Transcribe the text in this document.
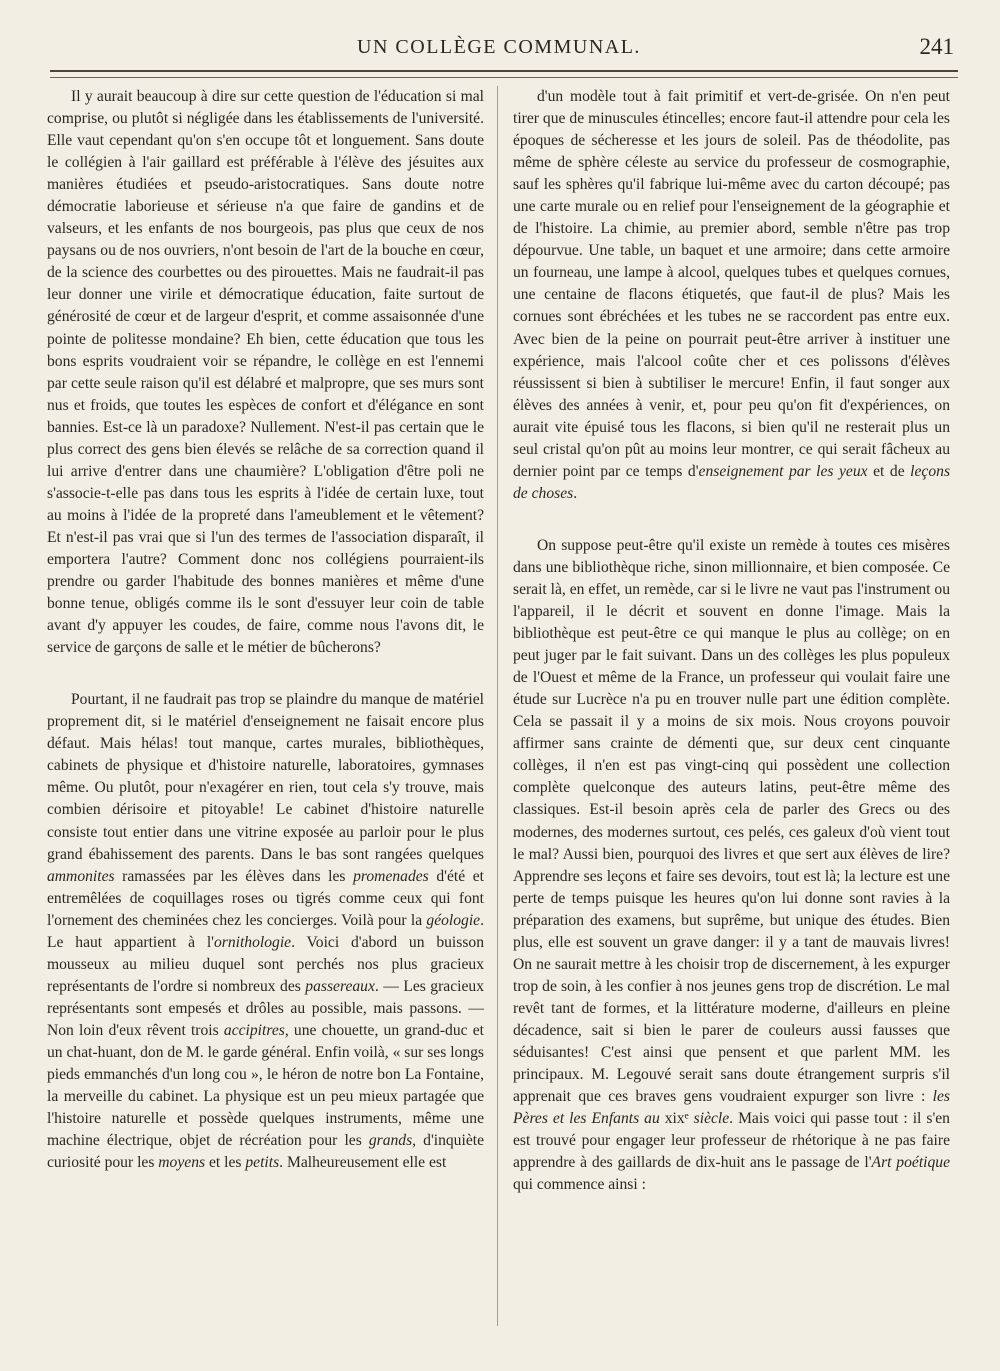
UN COLLÈGE COMMUNAL.	241

Il y aurait beaucoup à dire sur cette question de l'éducation si mal comprise, ou plutôt si négligée dans les établissements de l'université. Elle vaut cependant qu'on s'en occupe tôt et longuement. Sans doute le collégien à l'air gaillard est préférable à l'élève des jésuites aux manières étudiées et pseudo-aristocratiques. Sans doute notre démocratie laborieuse et sérieuse n'a que faire de gandins et de valseurs, et les enfants de nos bourgeois, pas plus que ceux de nos paysans ou de nos ouvriers, n'ont besoin de l'art de la bouche en cœur, de la science des courbettes ou des pirouettes. Mais ne faudrait-il pas leur donner une virile et démocratique éducation, faite surtout de générosité de cœur et de largeur d'esprit, et comme assaisonnée d'une pointe de politesse mondaine? Eh bien, cette éducation que tous les bons esprits voudraient voir se répandre, le collège en est l'ennemi par cette seule raison qu'il est délabré et malpropre, que ses murs sont nus et froids, que toutes les espèces de confort et d'élégance en sont bannies. Est-ce là un paradoxe? Nullement. N'est-il pas certain que le plus correct des gens bien élevés se relâche de sa correction quand il lui arrive d'entrer dans une chaumière? L'obligation d'être poli ne s'associe-t-elle pas dans tous les esprits à l'idée de certain luxe, tout au moins à l'idée de la propreté dans l'ameublement et le vêtement? Et n'est-il pas vrai que si l'un des termes de l'association disparaît, il emportera l'autre? Comment donc nos collégiens pourraient-ils prendre ou garder l'habitude des bonnes manières et même d'une bonne tenue, obligés comme ils le sont d'essuyer leur coin de table avant d'y appuyer les coudes, de faire, comme nous l'avons dit, le service de garçons de salle et le métier de bûcherons?

Pourtant, il ne faudrait pas trop se plaindre du manque de matériel proprement dit, si le matériel d'enseignement ne faisait encore plus défaut. Mais hélas! tout manque, cartes murales, bibliothèques, cabinets de physique et d'histoire naturelle, laboratoires, gymnases même. Ou plutôt, pour n'exagérer en rien, tout cela s'y trouve, mais combien dérisoire et pitoyable! Le cabinet d'histoire naturelle consiste tout entier dans une vitrine exposée au parloir pour le plus grand ébahissement des parents. Dans le bas sont rangées quelques ammonites ramassées par les élèves dans les promenades d'été et entremêlées de coquillages roses ou tigrés comme ceux qui font l'ornement des cheminées chez les concierges. Voilà pour la géologie. Le haut appartient à l'ornithologie. Voici d'abord un buisson mousseux au milieu duquel sont perchés nos plus gracieux représentants de l'ordre si nombreux des passereaux. — Les gracieux représentants sont empesés et drôles au possible, mais passons. — Non loin d'eux rêvent trois accipitres, une chouette, un grand-duc et un chat-huant, don de M. le garde général. Enfin voilà, « sur ses longs pieds emmanchés d'un long cou », le héron de notre bon La Fontaine, la merveille du cabinet. La physique est un peu mieux partagée que l'histoire naturelle et possède quelques instruments, même une machine électrique, objet de récréation pour les grands, d'inquiète curiosité pour les moyens et les petits. Malheureusement elle est

d'un modèle tout à fait primitif et vert-de-grisée. On n'en peut tirer que de minuscules étincelles; encore faut-il attendre pour cela les époques de sécheresse et les jours de soleil. Pas de théodolite, pas même de sphère céleste au service du professeur de cosmographie, sauf les sphères qu'il fabrique lui-même avec du carton découpé; pas une carte murale ou en relief pour l'enseignement de la géographie et de l'histoire. La chimie, au premier abord, semble n'être pas trop dépourvue. Une table, un baquet et une armoire; dans cette armoire un fourneau, une lampe à alcool, quelques tubes et quelques cornues, une centaine de flacons étiquetés, que faut-il de plus? Mais les cornues sont ébréchées et les tubes ne se raccordent pas entre eux. Avec bien de la peine on pourrait peut-être arriver à instituer une expérience, mais l'alcool coûte cher et ces polissons d'élèves réussissent si bien à subtiliser le mercure! Enfin, il faut songer aux élèves des années à venir, et, pour peu qu'on fit d'expériences, on aurait vite épuisé tous les flacons, si bien qu'il ne resterait plus un seul cristal qu'on pût au moins leur montrer, ce qui serait fâcheux au dernier point par ce temps d'enseignement par les yeux et de leçons de choses.

On suppose peut-être qu'il existe un remède à toutes ces misères dans une bibliothèque riche, sinon millionnaire, et bien composée. Ce serait là, en effet, un remède, car si le livre ne vaut pas l'instrument ou l'appareil, il le décrit et souvent en donne l'image. Mais la bibliothèque est peut-être ce qui manque le plus au collège; on en peut juger par le fait suivant. Dans un des collèges les plus populeux de l'Ouest et même de la France, un professeur qui voulait faire une étude sur Lucrèce n'a pu en trouver nulle part une édition complète. Cela se passait il y a moins de six mois. Nous croyons pouvoir affirmer sans crainte de démenti que, sur deux cent cinquante collèges, il n'en est pas vingt-cinq qui possèdent une collection complète quelconque des auteurs latins, peut-être même des classiques. Est-il besoin après cela de parler des Grecs ou des modernes, des modernes surtout, ces pelés, ces galeux d'où vient tout le mal? Aussi bien, pourquoi des livres et que sert aux élèves de lire? Apprendre ses leçons et faire ses devoirs, tout est là; la lecture est une perte de temps puisque les heures qu'on lui donne sont ravies à la préparation des examens, but suprême, but unique des études. Bien plus, elle est souvent un grave danger: il y a tant de mauvais livres! On ne saurait mettre à les choisir trop de discernement, à les expurger trop de soin, à les confier à nos jeunes gens trop de discrétion. Le mal revêt tant de formes, et la littérature moderne, d'ailleurs en pleine décadence, sait si bien le parer de couleurs aussi fausses que séduisantes! C'est ainsi que pensent et que parlent MM. les principaux. M. Legouvé serait sans doute étrangement surpris s'il apprenait que ces braves gens voudraient expurger son livre : les Pères et les Enfants au xixᵉ siècle. Mais voici qui passe tout : il s'en est trouvé pour engager leur professeur de rhétorique à ne pas faire apprendre à des gaillards de dix-huit ans le passage de l'Art poétique qui commence ainsi :
